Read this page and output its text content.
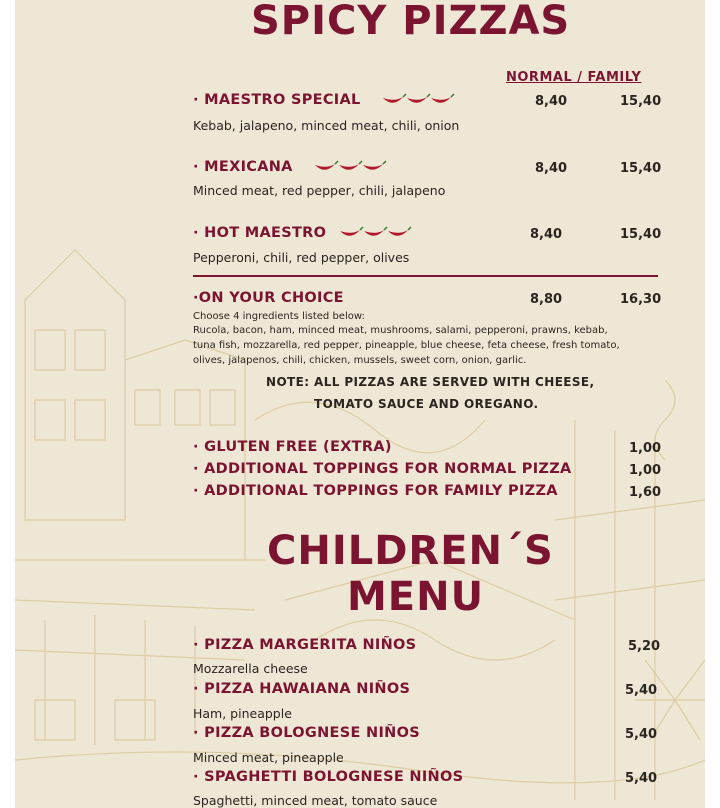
SPICY PIZZAS
NORMAL / FAMILY
· MAESTRO SPECIAL	8,40	15,40
Kebab, jalapeno, minced meat, chili, onion
· MEXICANA	8,40	15,40
Minced meat, red pepper, chili, jalapeno
· HOT MAESTRO	8,40	15,40
Pepperoni, chili, red pepper, olives
·ON YOUR CHOICE	8,80	16,30
Choose 4 ingredients listed below:
Rucola, bacon, ham, minced meat, mushrooms, salami, pepperoni, prawns, kebab,
tuna fish, mozzarella, red pepper, pineapple, blue cheese, feta cheese, fresh tomato,
olives, jalapenos, chili, chicken, mussels, sweet corn, onion, garlic.
NOTE: ALL PIZZAS ARE SERVED WITH CHEESE,
TOMATO SAUCE AND OREGANO.
· GLUTEN FREE (EXTRA)	1,00
· ADDITIONAL TOPPINGS FOR NORMAL PIZZA	1,00
· ADDITIONAL TOPPINGS FOR FAMILY PIZZA	1,60
CHILDREN´S
MENU
· PIZZA MARGERITA NIÑOS	5,20
Mozzarella cheese
· PIZZA HAWAIANA NIÑOS	5,40
Ham, pineapple
· PIZZA BOLOGNESE NIÑOS	5,40
Minced meat, pineapple
· SPAGHETTI BOLOGNESE NIÑOS	5,40
Spaghetti, minced meat, tomato sauce
